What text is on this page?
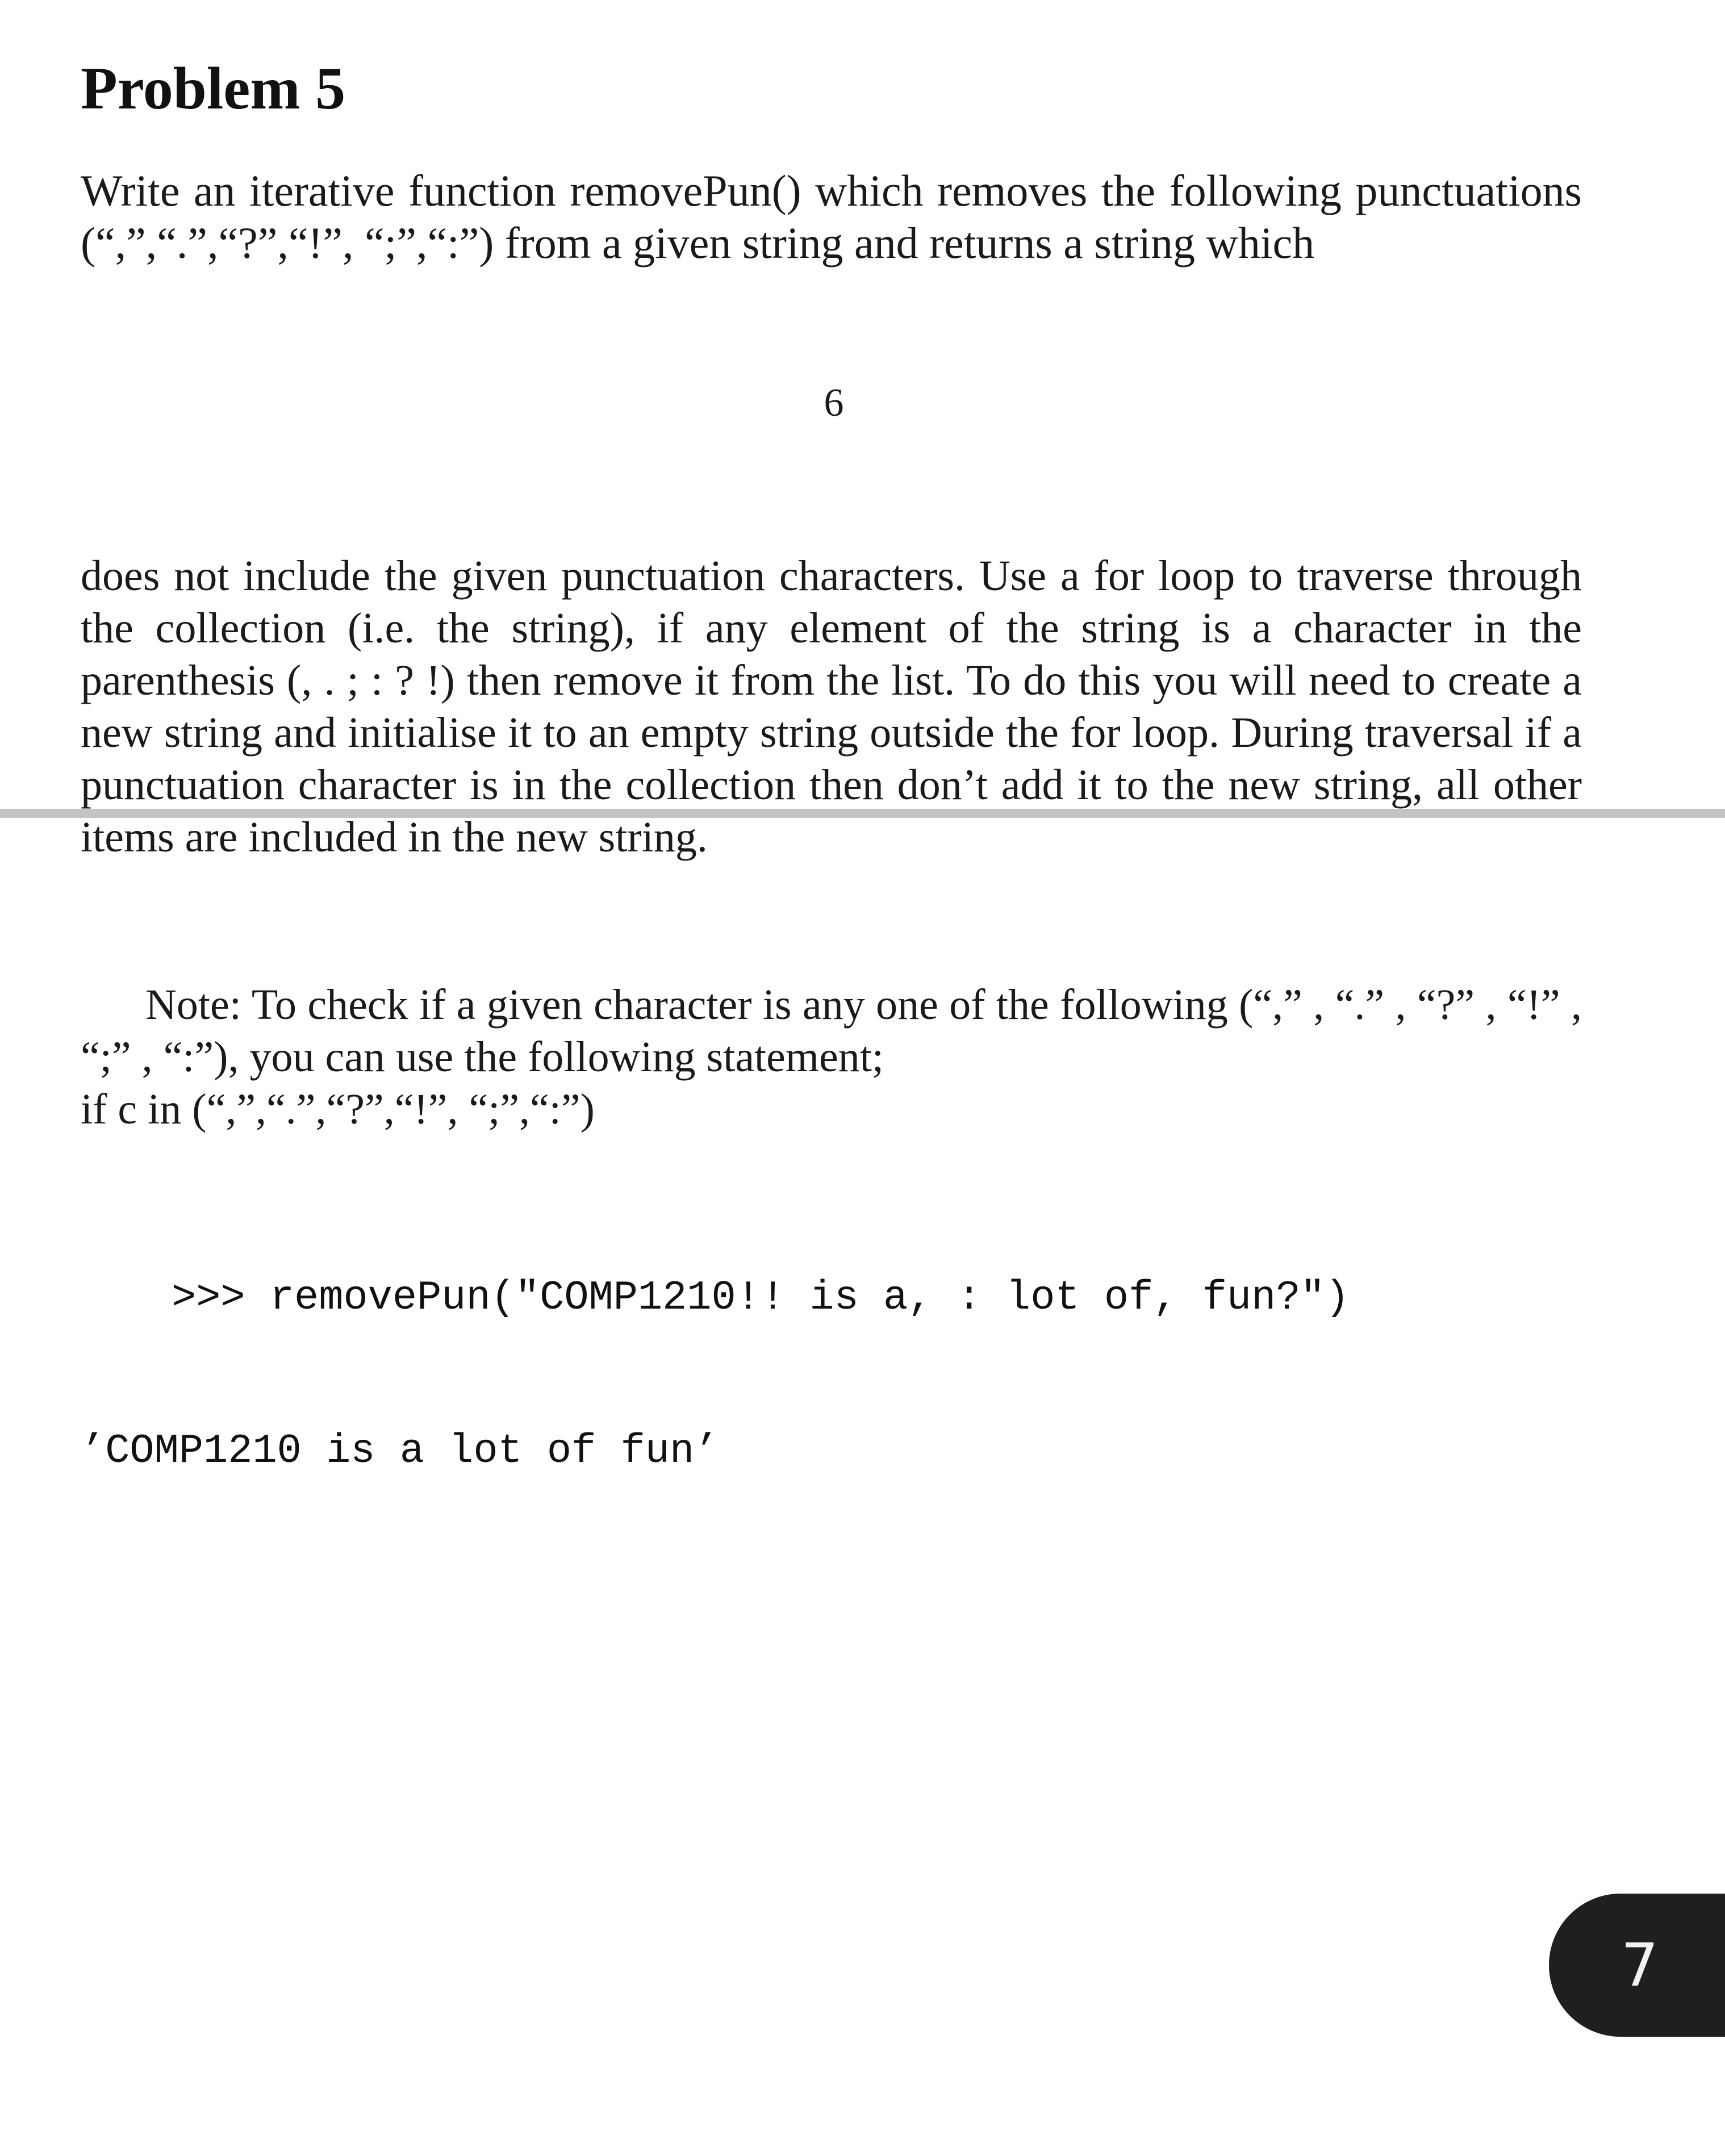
Problem 5

Write an iterative function removePun() which removes the following punctuations (“,”,“.”,“?”,“!”, “;”,“:”) from a given string and returns a string which

6

does not include the given punctuation characters. Use a for loop to traverse through the collection (i.e. the string), if any element of the string is a character in the parenthesis (, . ; : ? !) then remove it from the list. To do this you will need to create a new string and initialise it to an empty string outside the for loop. During traversal if a punctuation character is in the collection then don’t add it to the new string, all other items are included in the new string.

Note: To check if a given character is any one of the following (“,” , “.” , “?” , “!” , “;” , “:”), you can use the following statement;

if c in (“,”,“.”,“?”,“!”, “;”,“:”)

>>> removePun("COMP1210!! is a, : lot of, fun?")

’COMP1210 is a lot of fun’

7
